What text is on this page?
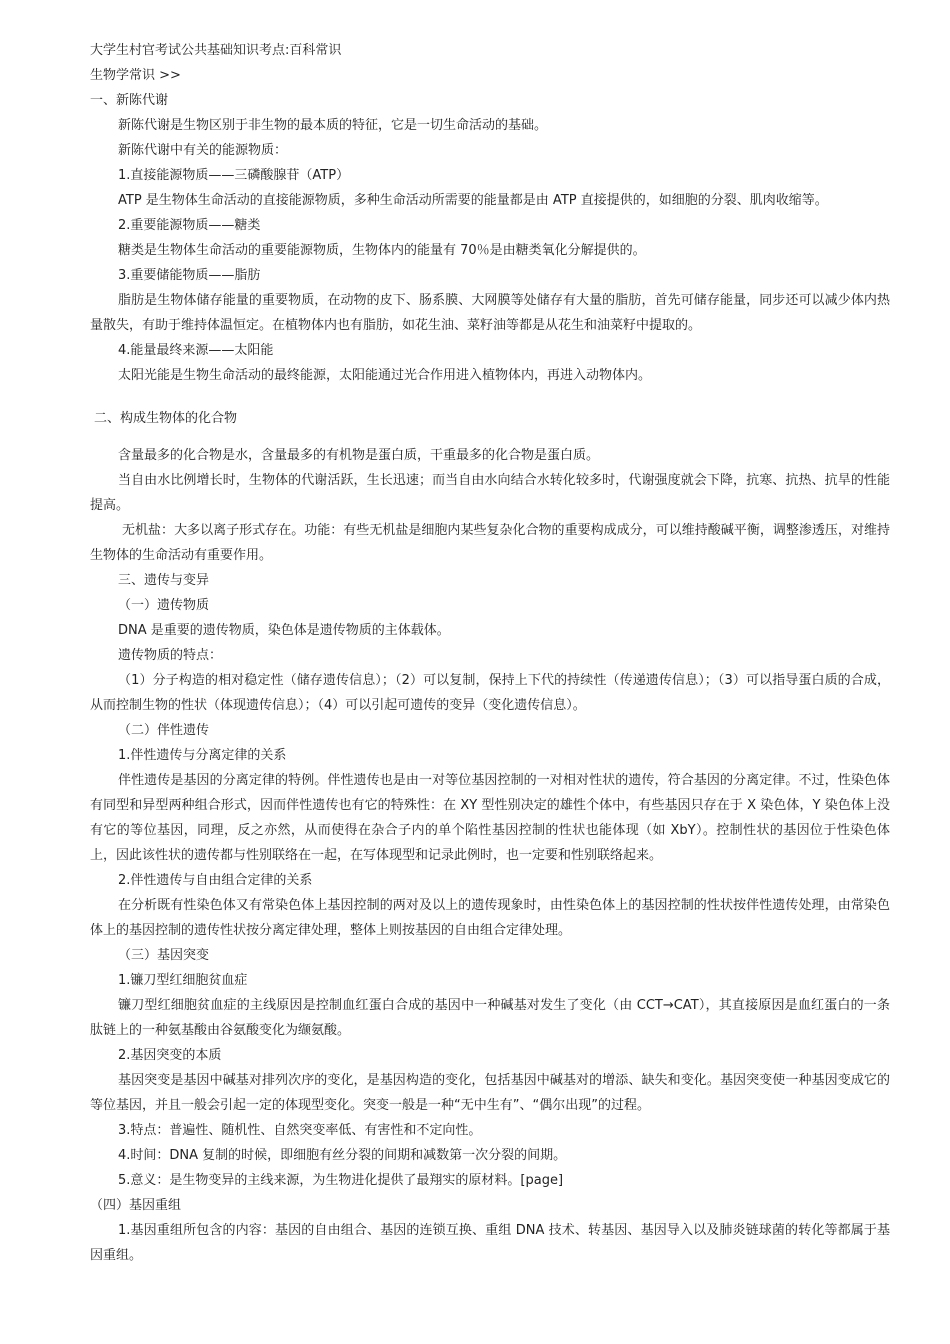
大学生村官考试公共基础知识考点:百科常识
生物学常识 >>
一、新陈代谢
新陈代谢是生物区别于非生物的最本质的特征，它是一切生命活动的基础。
新陈代谢中有关的能源物质：
1.直接能源物质——三磷酸腺苷（ATP）
ATP 是生物体生命活动的直接能源物质，多种生命活动所需要的能量都是由 ATP 直接提供的，如细胞的分裂、肌肉收缩等。
2.重要能源物质——糖类
糖类是生物体生命活动的重要能源物质，生物体内的能量有 70％是由糖类氧化分解提供的。
3.重要储能物质——脂肪
脂肪是生物体储存能量的重要物质，在动物的皮下、肠系膜、大网膜等处储存有大量的脂肪，首先可储存能量，同步还可以减少体内热量散失，有助于维持体温恒定。在植物体内也有脂肪，如花生油、菜籽油等都是从花生和油菜籽中提取的。
4.能量最终来源——太阳能
太阳光能是生物生命活动的最终能源，太阳能通过光合作用进入植物体内，再进入动物体内。
二、构成生物体的化合物
含量最多的化合物是水，含量最多的有机物是蛋白质，干重最多的化合物是蛋白质。
当自由水比例增长时，生物体的代谢活跃，生长迅速；而当自由水向结合水转化较多时，代谢强度就会下降，抗寒、抗热、抗旱的性能提高。
无机盐：大多以离子形式存在。功能：有些无机盐是细胞内某些复杂化合物的重要构成成分，可以维持酸碱平衡，调整渗透压，对维持生物体的生命活动有重要作用。
三、遗传与变异
（一）遗传物质
DNA 是重要的遗传物质，染色体是遗传物质的主体载体。
遗传物质的特点：
（1）分子构造的相对稳定性（储存遗传信息）；（2）可以复制，保持上下代的持续性（传递遗传信息）；（3）可以指导蛋白质的合成，从而控制生物的性状（体现遗传信息）；（4）可以引起可遗传的变异（变化遗传信息）。
（二）伴性遗传
1.伴性遗传与分离定律的关系
伴性遗传是基因的分离定律的特例。伴性遗传也是由一对等位基因控制的一对相对性状的遗传，符合基因的分离定律。不过，性染色体有同型和异型两种组合形式，因而伴性遗传也有它的特殊性：在 XY 型性别决定的雄性个体中，有些基因只存在于 X 染色体，Y 染色体上没有它的等位基因，同理，反之亦然，从而使得在杂合子内的单个陷性基因控制的性状也能体现（如 XbY）。控制性状的基因位于性染色体上，因此该性状的遗传都与性别联络在一起，在写体现型和记录此例时，也一定要和性别联络起来。
2.伴性遗传与自由组合定律的关系
在分析既有性染色体又有常染色体上基因控制的两对及以上的遗传现象时，由性染色体上的基因控制的性状按伴性遗传处理，由常染色体上的基因控制的遗传性状按分离定律处理，整体上则按基因的自由组合定律处理。
（三）基因突变
1.镰刀型红细胞贫血症
镰刀型红细胞贫血症的主线原因是控制血红蛋白合成的基因中一种碱基对发生了变化（由 CCT→CAT），其直接原因是血红蛋白的一条肽链上的一种氨基酸由谷氨酸变化为缬氨酸。
2.基因突变的本质
基因突变是基因中碱基对排列次序的变化，是基因构造的变化，包括基因中碱基对的增添、缺失和变化。基因突变使一种基因变成它的等位基因，并且一般会引起一定的体现型变化。突变一般是一种“无中生有”、“偶尔出现”的过程。
3.特点：普遍性、随机性、自然突变率低、有害性和不定向性。
4.时间：DNA 复制的时候，即细胞有丝分裂的间期和减数第一次分裂的间期。
5.意义：是生物变异的主线来源，为生物进化提供了最翔实的原材料。[page]
（四）基因重组
1.基因重组所包含的内容：基因的自由组合、基因的连锁互换、重组 DNA 技术、转基因、基因导入以及肺炎链球菌的转化等都属于基因重组。
